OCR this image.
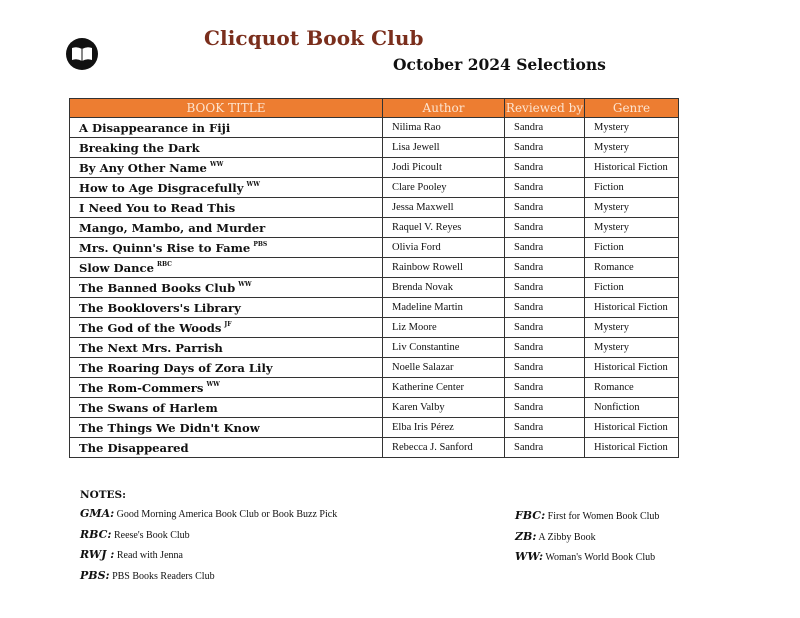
Clicquot Book Club
October 2024 Selections
BOOK TITLE	Author	Reviewed by	Genre
A Disappearance in Fiji	Nilima Rao	Sandra	Mystery
Breaking the Dark	Lisa Jewell	Sandra	Mystery
By Any Other Name $^{WW}$	Jodi Picoult	Sandra	Historical Fiction
How to Age Disgracefully $^{WW}$	Clare Pooley	Sandra	Fiction
I Need You to Read This	Jessa Maxwell	Sandra	Mystery
Mango, Mambo, and Murder	Raquel V. Reyes	Sandra	Mystery
Mrs. Quinn's Rise to Fame $^{PBS}$	Olivia Ford	Sandra	Fiction
Slow Dance $^{RBC}$	Rainbow Rowell	Sandra	Romance
The Banned Books Club $^{WW}$	Brenda Novak	Sandra	Fiction
The Booklovers's Library	Madeline Martin	Sandra	Historical Fiction
The God of the Woods $^{JF}$	Liz Moore	Sandra	Mystery
The Next Mrs. Parrish	Liv Constantine	Sandra	Mystery
The Roaring Days of Zora Lily	Noelle Salazar	Sandra	Historical Fiction
The Rom-Commers $^{WW}$	Katherine Center	Sandra	Romance
The Swans of Harlem	Karen Valby	Sandra	Nonfiction
The Things We Didn't Know	Elba Iris Pérez	Sandra	Historical Fiction
The Disappeared	Rebecca J. Sanford	Sandra	Historical Fiction
NOTES:
GMA: Good Morning America Book Club or Book Buzz Pick
RBC: Reese's Book Club
RWJ : Read with Jenna
PBS: PBS Books Readers Club
FBC: First for Women Book Club
ZB: A Zibby Book
WW: Woman's World Book Club
